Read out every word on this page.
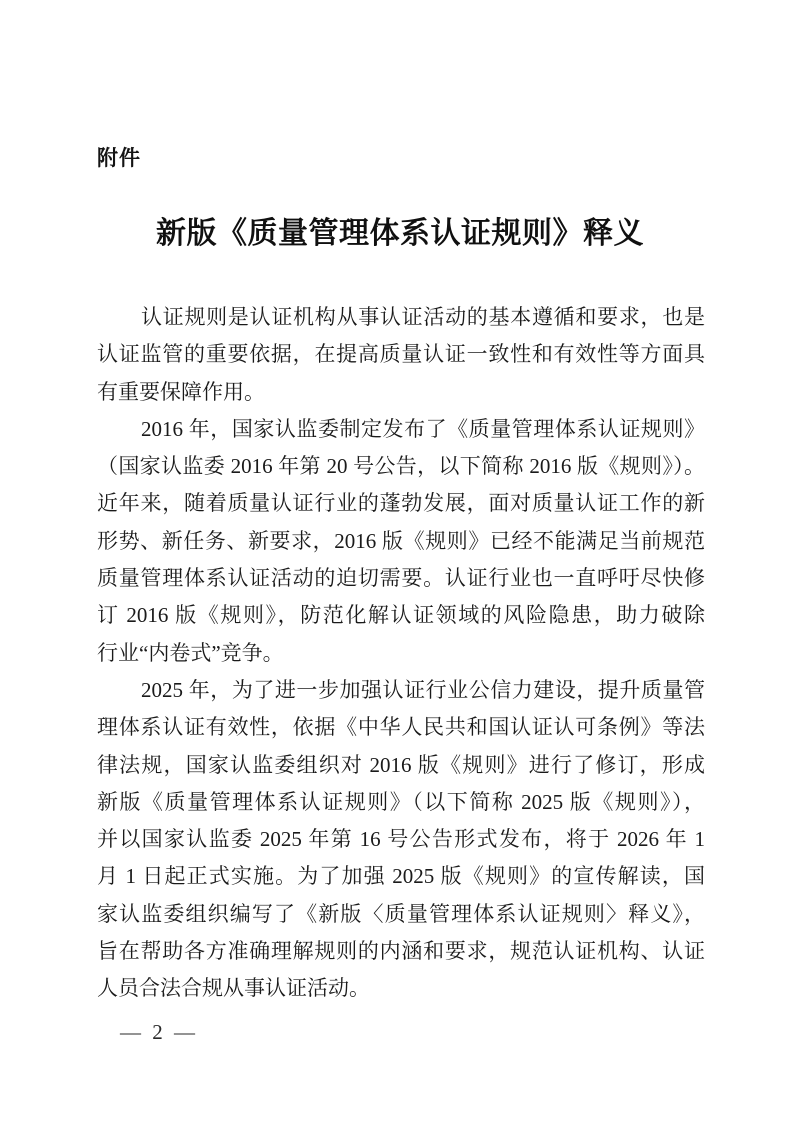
附件
新版《质量管理体系认证规则》释义
认证规则是认证机构从事认证活动的基本遵循和要求，也是
认证监管的重要依据，在提高质量认证一致性和有效性等方面具
有重要保障作用。
2016 年，国家认监委制定发布了《质量管理体系认证规则》
（国家认监委 2016 年第 20 号公告，以下简称 2016 版《规则》）。
近年来，随着质量认证行业的蓬勃发展，面对质量认证工作的新
形势、新任务、新要求，2016 版《规则》已经不能满足当前规范
质量管理体系认证活动的迫切需要。认证行业也一直呼吁尽快修
订 2016 版《规则》，防范化解认证领域的风险隐患，助力破除
行业“内卷式”竞争。
2025 年，为了进一步加强认证行业公信力建设，提升质量管
理体系认证有效性，依据《中华人民共和国认证认可条例》等法
律法规，国家认监委组织对 2016 版《规则》进行了修订，形成
新版《质量管理体系认证规则》（以下简称 2025 版《规则》），
并以国家认监委 2025 年第 16 号公告形式发布，将于 2026 年 1
月 1 日起正式实施。为了加强 2025 版《规则》的宣传解读，国
家认监委组织编写了《新版〈质量管理体系认证规则〉释义》，
旨在帮助各方准确理解规则的内涵和要求，规范认证机构、认证
人员合法合规从事认证活动。
— 2 —
